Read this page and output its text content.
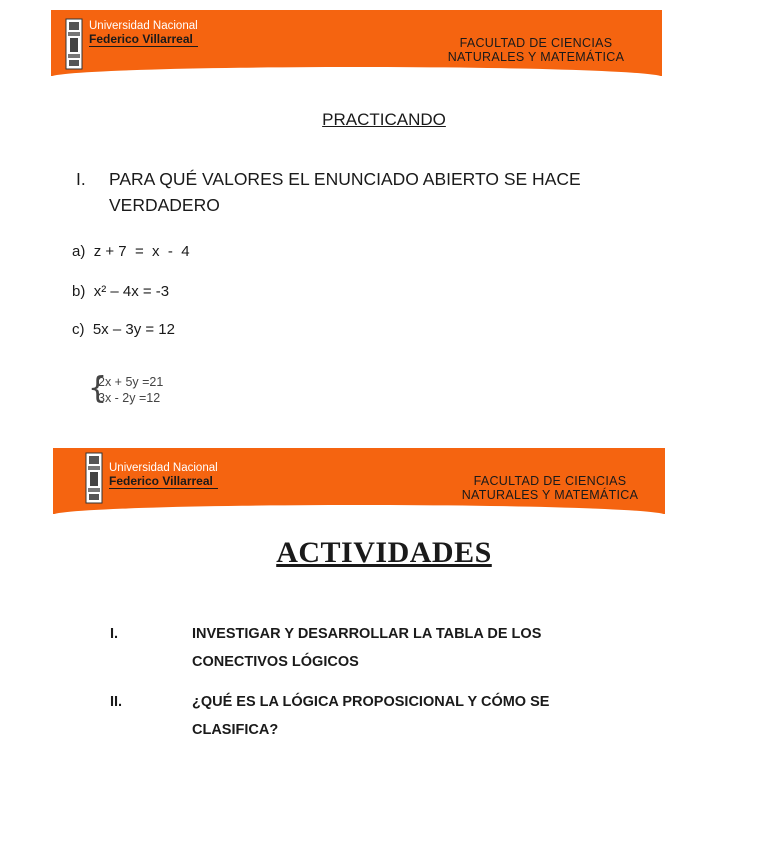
Universidad Nacional
Federico Villarreal	FACULTAD DE CIENCIAS
NATURALES Y MATEMÁTICA
PRACTICANDO
I. PARA QUÉ VALORES EL ENUNCIADO ABIERTO SE HACE VERDADERO
a) z + 7  =  x  -  4
b) x² – 4x = -3
c) 5x – 3y = 12
{
2x + 5y =21
3x - 2y =12
Universidad Nacional
Federico Villarreal	FACULTAD DE CIENCIAS
NATURALES Y MATEMÁTICA
ACTIVIDADES
I.	INVESTIGAR Y DESARROLLAR LA TABLA DE LOS CONECTIVOS LÓGICOS
II.	¿QUÉ ES LA LÓGICA PROPOSICIONAL Y CÓMO SE CLASIFICA?
